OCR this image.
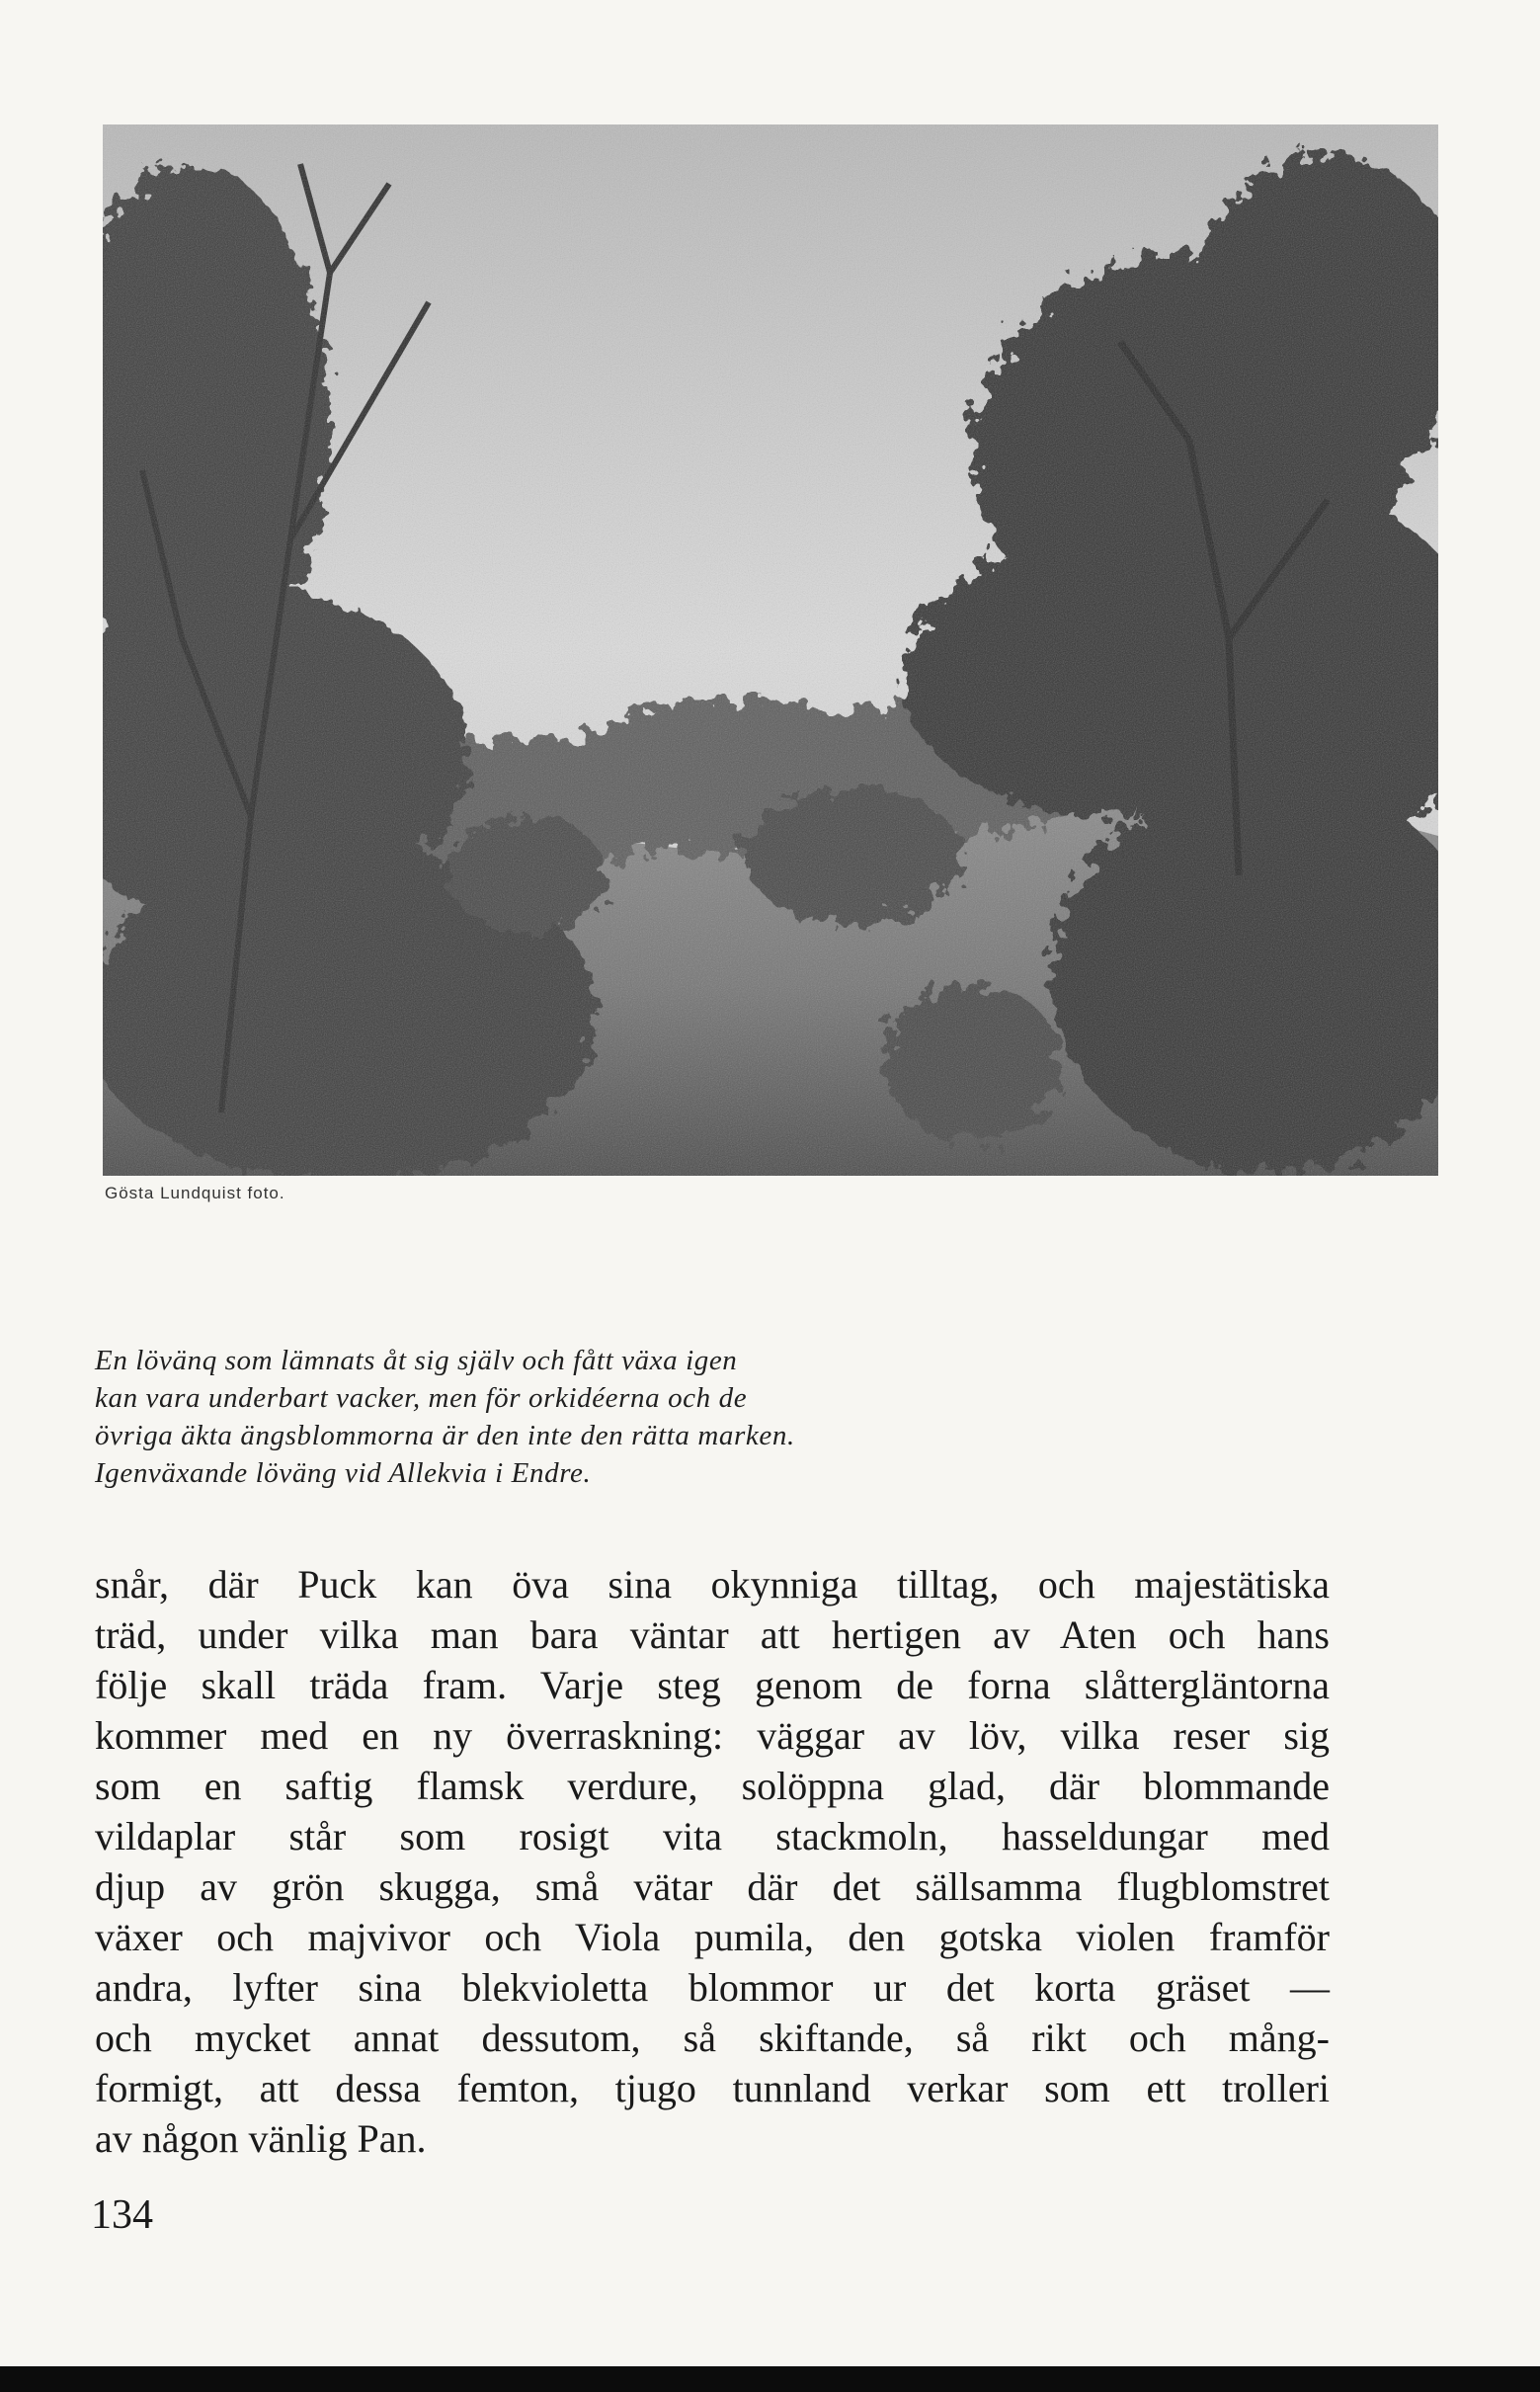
Gösta Lundquist foto.
En lövänq som lämnats åt sig själv och fått växa igen
kan vara underbart vacker, men för orkidéerna och de
övriga äkta ängsblommorna är den inte den rätta marken.
Igenväxande löväng vid Allekvia i Endre.
snår, där Puck kan öva sina okynniga tilltag, och majestätiska
träd, under vilka man bara väntar att hertigen av Aten och hans
följe skall träda fram. Varje steg genom de forna slåttergläntorna
kommer med en ny överraskning: väggar av löv, vilka reser sig
som en saftig flamsk verdure, solöppna glad, där blommande
vildaplar står som rosigt vita stackmoln, hasseldungar med
djup av grön skugga, små vätar där det sällsamma flugblomstret
växer och majvivor och Viola pumila, den gotska violen framför
andra, lyfter sina blekvioletta blommor ur det korta gräset —
och mycket annat dessutom, så skiftande, så rikt och mång-
formigt, att dessa femton, tjugo tunnland verkar som ett trolleri
av någon vänlig Pan.
134
